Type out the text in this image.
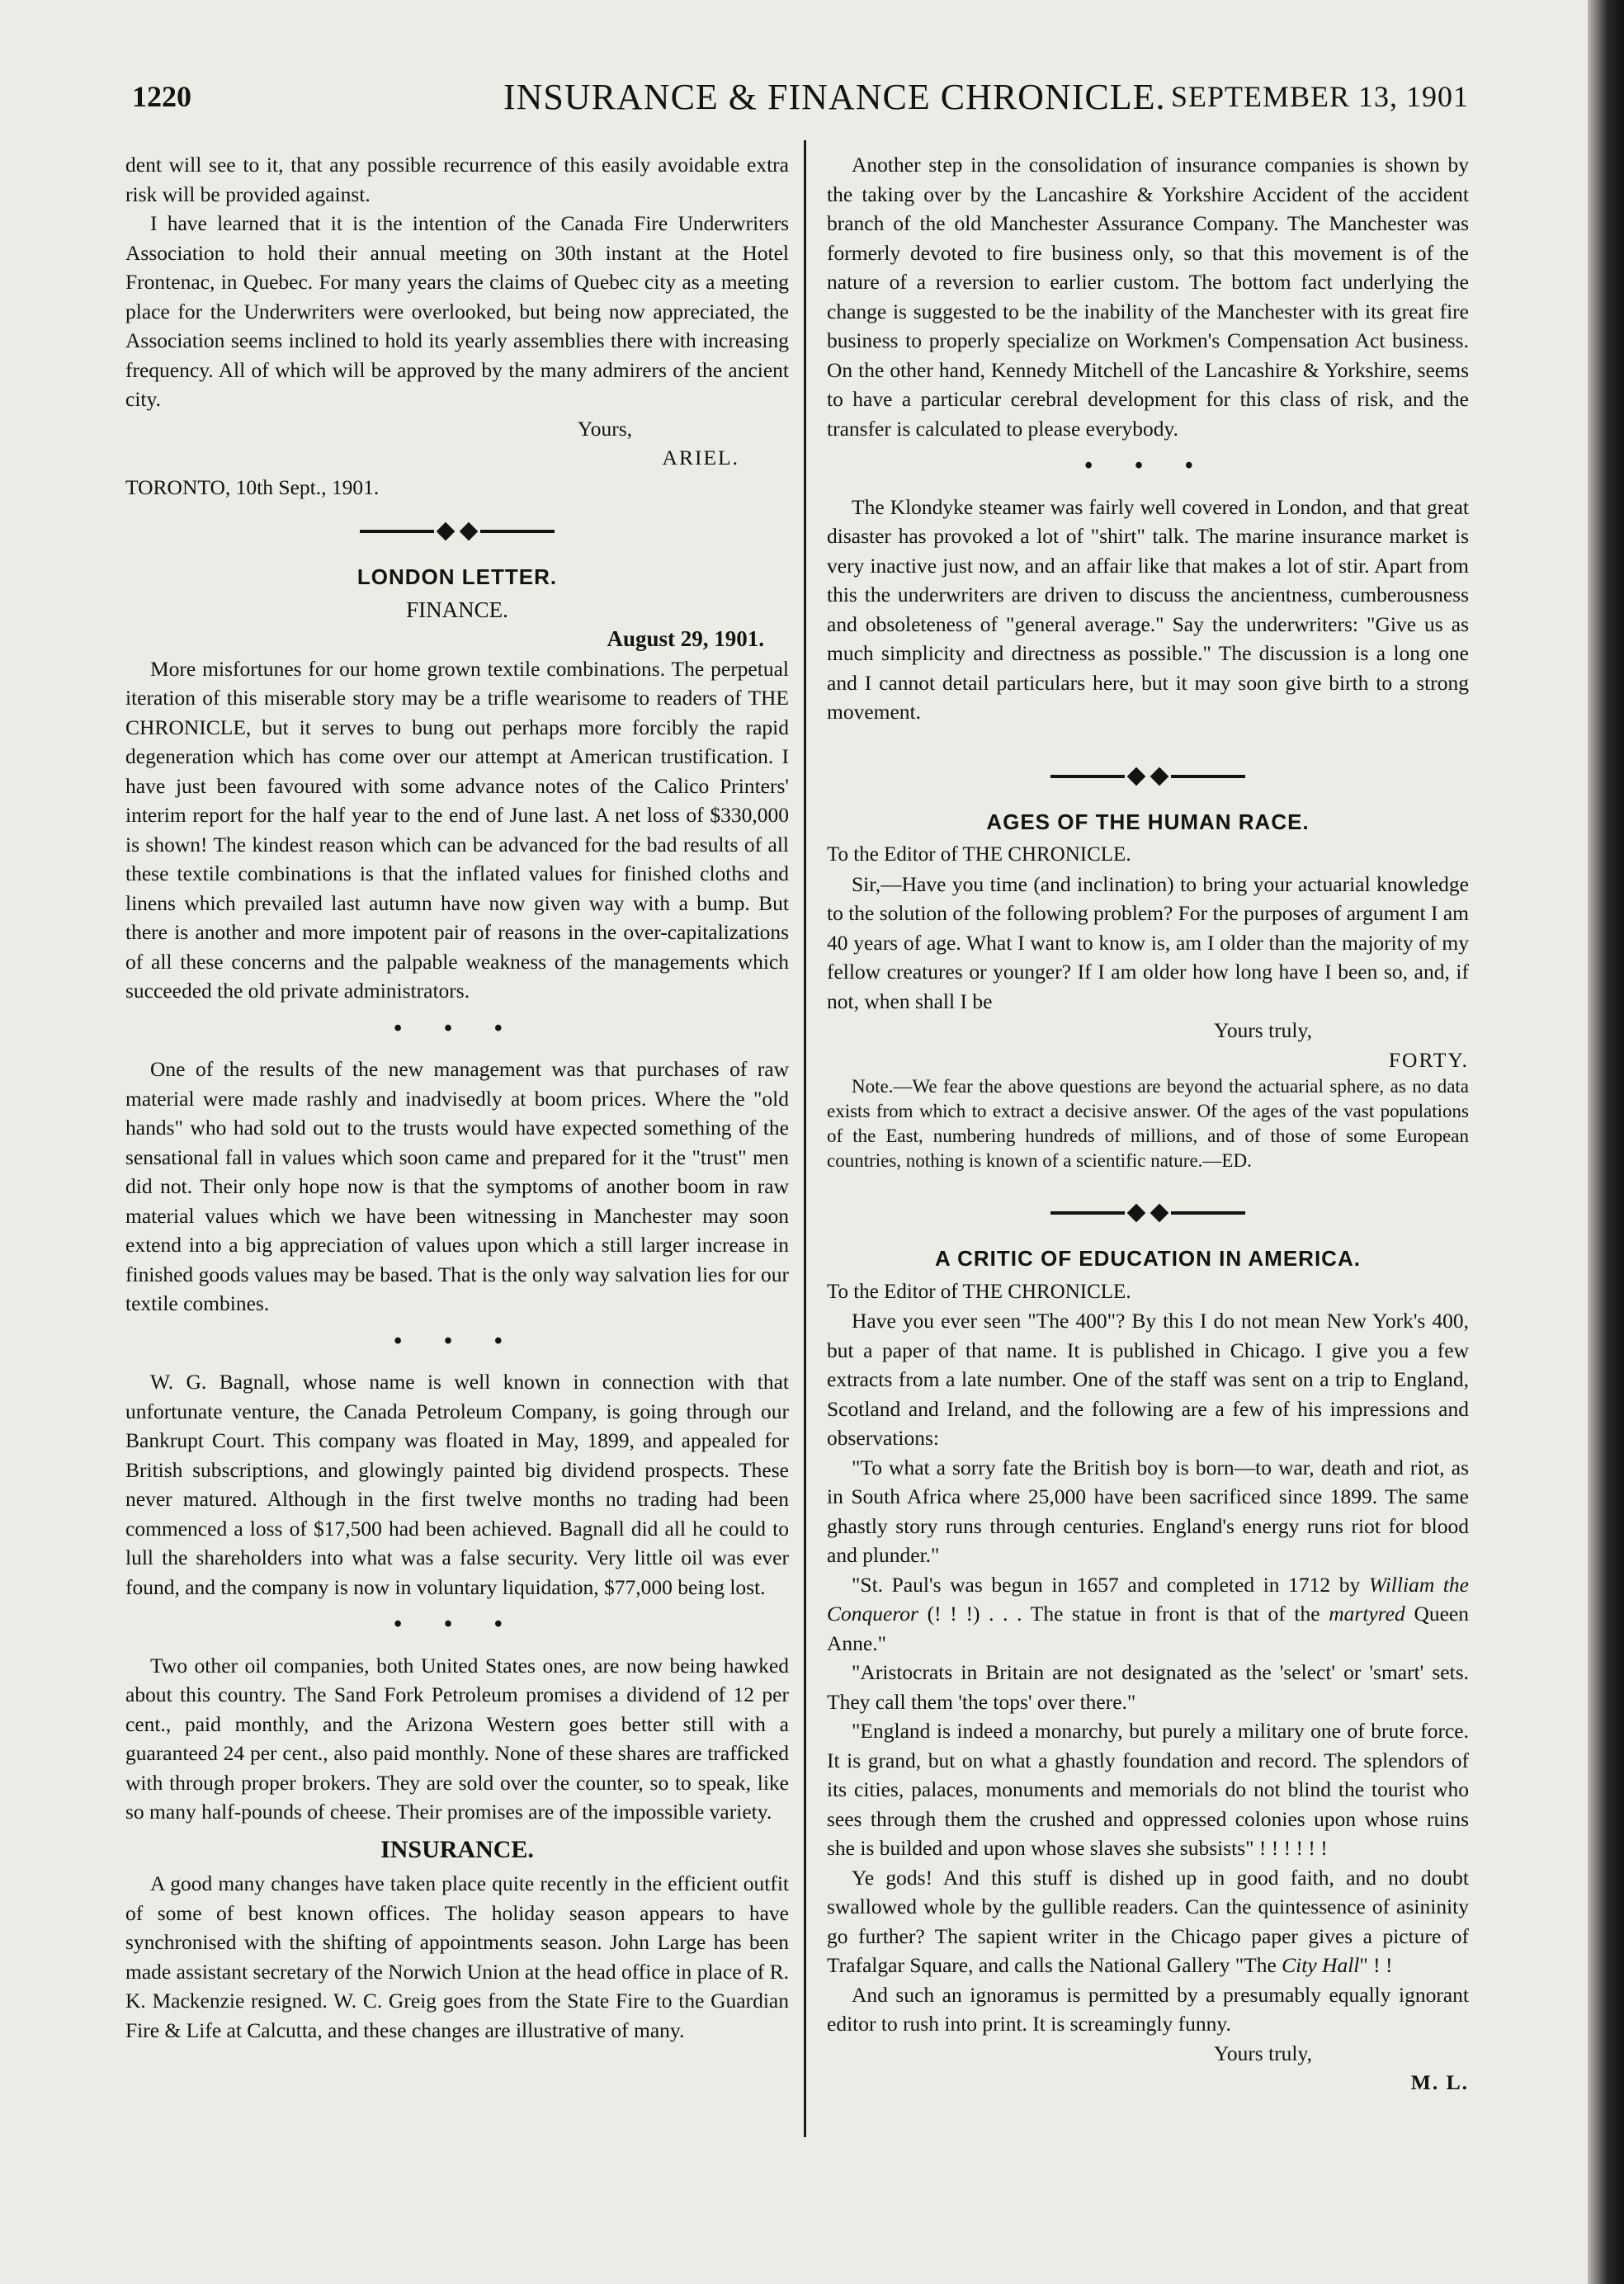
1220	INSURANCE & FINANCE CHRONICLE. SEPTEMBER 13, 1901

dent will see to it, that any possible recurrence of this easily avoidable extra risk will be provided against.

I have learned that it is the intention of the Canada Fire Underwriters Association to hold their annual meeting on 30th instant at the Hotel Frontenac, in Quebec. For many years the claims of Quebec city as a meeting place for the Underwriters were overlooked, but being now appreciated, the Association seems inclined to hold its yearly assemblies there with increasing frequency. All of which will be approved by the many admirers of the ancient city.

Yours,

ARIEL.

TORONTO, 10th Sept., 1901.

LONDON LETTER.

FINANCE.

August 29, 1901.

More misfortunes for our home grown textile combinations. The perpetual iteration of this miserable story may be a trifle wearisome to readers of THE CHRONICLE, but it serves to bung out perhaps more forcibly the rapid degeneration which has come over our attempt at American trustification. I have just been favoured with some advance notes of the Calico Printers' interim report for the half year to the end of June last. A net loss of $330,000 is shown! The kindest reason which can be advanced for the bad results of all these textile combinations is that the inflated values for finished cloths and linens which prevailed last autumn have now given way with a bump. But there is another and more impotent pair of reasons in the over-capitalizations of all these concerns and the palpable weakness of the managements which succeeded the old private administrators.

• • •

One of the results of the new management was that purchases of raw material were made rashly and inadvisedly at boom prices. Where the "old hands" who had sold out to the trusts would have expected something of the sensational fall in values which soon came and prepared for it the "trust" men did not. Their only hope now is that the symptoms of another boom in raw material values which we have been witnessing in Manchester may soon extend into a big appreciation of values upon which a still larger increase in finished goods values may be based. That is the only way salvation lies for our textile combines.

• • •

W. G. Bagnall, whose name is well known in connection with that unfortunate venture, the Canada Petroleum Company, is going through our Bankrupt Court. This company was floated in May, 1899, and appealed for British subscriptions, and glowingly painted big dividend prospects. These never matured. Although in the first twelve months no trading had been commenced a loss of $17,500 had been achieved. Bagnall did all he could to lull the shareholders into what was a false security. Very little oil was ever found, and the company is now in voluntary liquidation, $77,000 being lost.

• • •

Two other oil companies, both United States ones, are now being hawked about this country. The Sand Fork Petroleum promises a dividend of 12 per cent., paid monthly, and the Arizona Western goes better still with a guaranteed 24 per cent., also paid monthly. None of these shares are trafficked with through proper brokers. They are sold over the counter, so to speak, like so many half-pounds of cheese. Their promises are of the impossible variety.

INSURANCE.

A good many changes have taken place quite recently in the efficient outfit of some of best known offices. The holiday season appears to have synchronised with the shifting of appointments season. John Large has been made assistant secretary of the Norwich Union at the head office in place of R. K. Mackenzie resigned. W. C. Greig goes from the State Fire to the Guardian Fire & Life at Calcutta, and these changes are illustrative of many.

Another step in the consolidation of insurance companies is shown by the taking over by the Lancashire & Yorkshire Accident of the accident branch of the old Manchester Assurance Company. The Manchester was formerly devoted to fire business only, so that this movement is of the nature of a reversion to earlier custom. The bottom fact underlying the change is suggested to be the inability of the Manchester with its great fire business to properly specialize on Workmen's Compensation Act business. On the other hand, Kennedy Mitchell of the Lancashire & Yorkshire, seems to have a particular cerebral development for this class of risk, and the transfer is calculated to please everybody.

• • •

The Klondyke steamer was fairly well covered in London, and that great disaster has provoked a lot of "shirt" talk. The marine insurance market is very inactive just now, and an affair like that makes a lot of stir. Apart from this the underwriters are driven to discuss the ancientness, cumberousness and obsoleteness of "general average." Say the underwriters: "Give us as much simplicity and directness as possible." The discussion is a long one and I cannot detail particulars here, but it may soon give birth to a strong movement.

AGES OF THE HUMAN RACE.

To the Editor of THE CHRONICLE.

Sir,—Have you time (and inclination) to bring your actuarial knowledge to the solution of the following problem? For the purposes of argument I am 40 years of age. What I want to know is, am I older than the majority of my fellow creatures or younger? If I am older how long have I been so, and, if not, when shall I be

Yours truly,

FORTY.

Note.—We fear the above questions are beyond the actuarial sphere, as no data exists from which to extract a decisive answer. Of the ages of the vast populations of the East, numbering hundreds of millions, and of those of some European countries, nothing is known of a scientific nature.—ED.

A CRITIC OF EDUCATION IN AMERICA.

To the Editor of THE CHRONICLE.

Have you ever seen "The 400"? By this I do not mean New York's 400, but a paper of that name. It is published in Chicago. I give you a few extracts from a late number. One of the staff was sent on a trip to England, Scotland and Ireland, and the following are a few of his impressions and observations:

"To what a sorry fate the British boy is born—to war, death and riot, as in South Africa where 25,000 have been sacrificed since 1899. The same ghastly story runs through centuries. England's energy runs riot for blood and plunder."

"St. Paul's was begun in 1657 and completed in 1712 by William the Conqueror (! ! !) . . . The statue in front is that of the martyred Queen Anne."

"Aristocrats in Britain are not designated as the 'select' or 'smart' sets. They call them 'the tops' over there."

"England is indeed a monarchy, but purely a military one of brute force. It is grand, but on what a ghastly foundation and record. The splendors of its cities, palaces, monuments and memorials do not blind the tourist who sees through them the crushed and oppressed colonies upon whose ruins she is builded and upon whose slaves she subsists" ! ! ! ! ! !

Ye gods! And this stuff is dished up in good faith, and no doubt swallowed whole by the gullible readers. Can the quintessence of asininity go further? The sapient writer in the Chicago paper gives a picture of Trafalgar Square, and calls the National Gallery "The City Hall" ! !

And such an ignoramus is permitted by a presumably equally ignorant editor to rush into print. It is screamingly funny.

Yours truly,

M. L.
